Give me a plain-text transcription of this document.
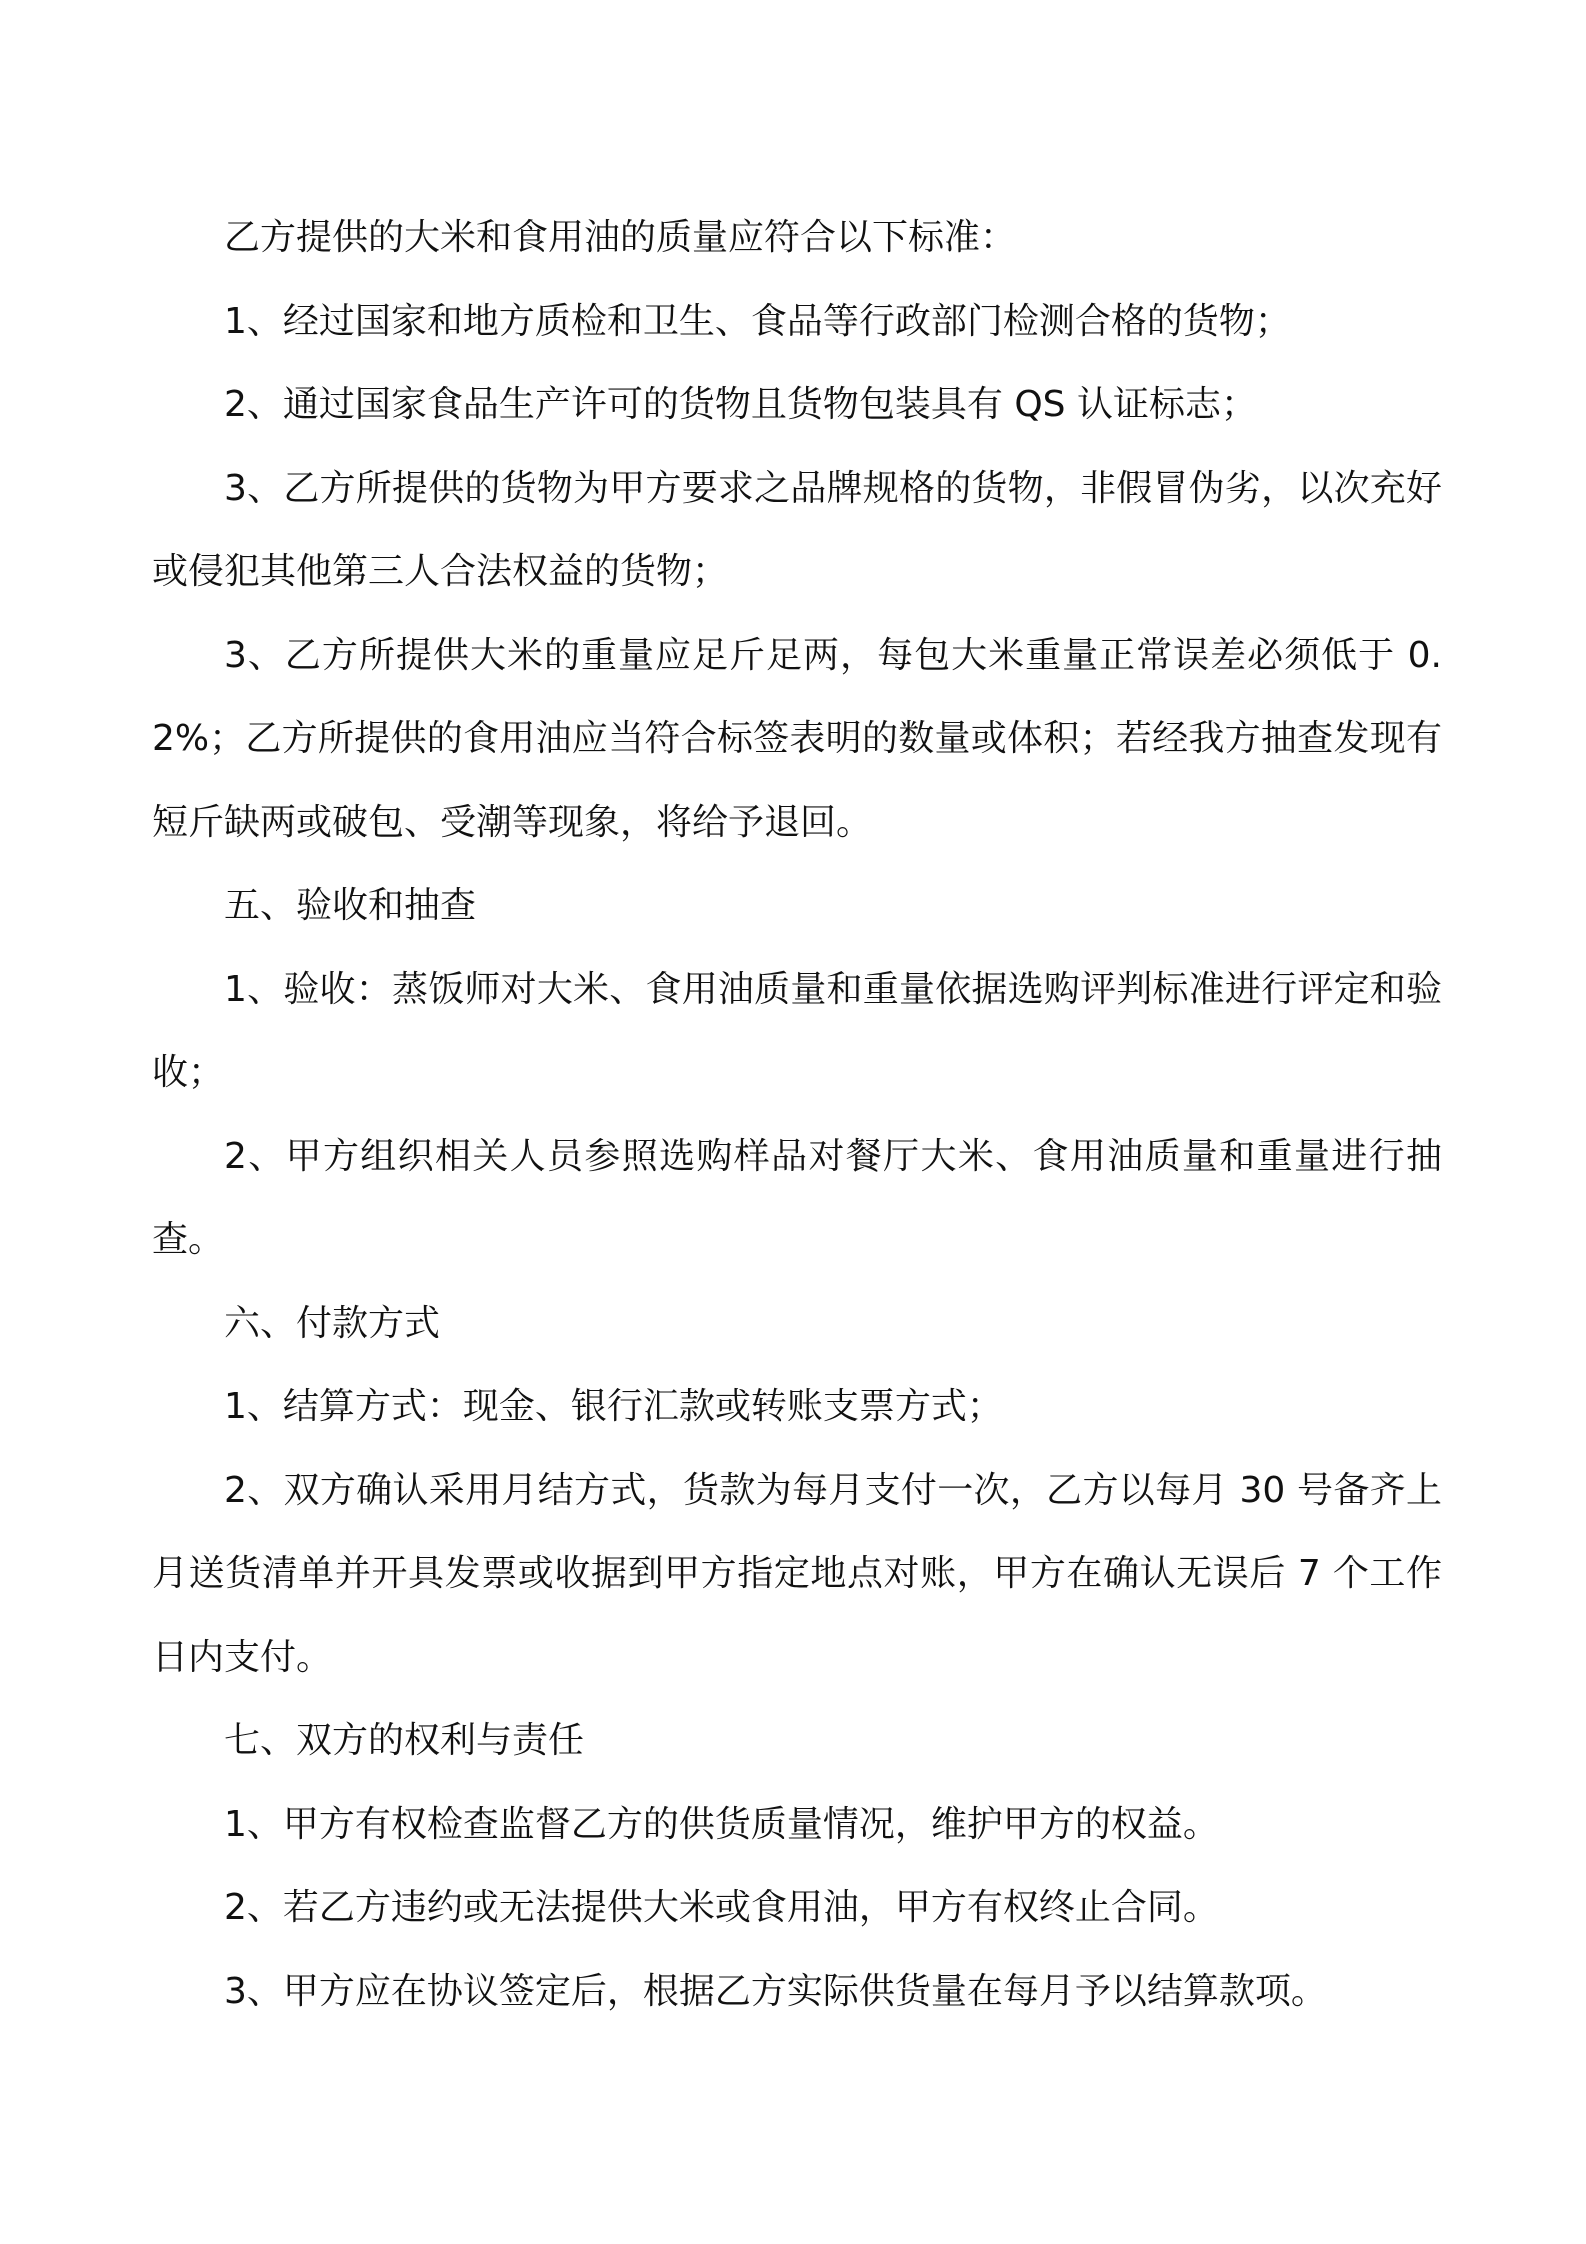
乙方提供的大米和食用油的质量应符合以下标准：

1、经过国家和地方质检和卫生、食品等行政部门检测合格的货物；

2、通过国家食品生产许可的货物且货物包装具有 QS 认证标志；

3、乙方所提供的货物为甲方要求之品牌规格的货物，非假冒伪劣，以次充好或侵犯其他第三人合法权益的货物；

3、乙方所提供大米的重量应足斤足两，每包大米重量正常误差必须低于 0.2%；乙方所提供的食用油应当符合标签表明的数量或体积；若经我方抽查发现有短斤缺两或破包、受潮等现象，将给予退回。

五、验收和抽查

1、验收：蒸饭师对大米、食用油质量和重量依据选购评判标准进行评定和验收；

2、甲方组织相关人员参照选购样品对餐厅大米、食用油质量和重量进行抽查。

六、付款方式

1、结算方式：现金、银行汇款或转账支票方式；

2、双方确认采用月结方式，货款为每月支付一次，乙方以每月 30 号备齐上月送货清单并开具发票或收据到甲方指定地点对账，甲方在确认无误后 7 个工作日内支付。

七、双方的权利与责任

1、甲方有权检查监督乙方的供货质量情况，维护甲方的权益。

2、若乙方违约或无法提供大米或食用油，甲方有权终止合同。

3、甲方应在协议签定后，根据乙方实际供货量在每月予以结算款项。
